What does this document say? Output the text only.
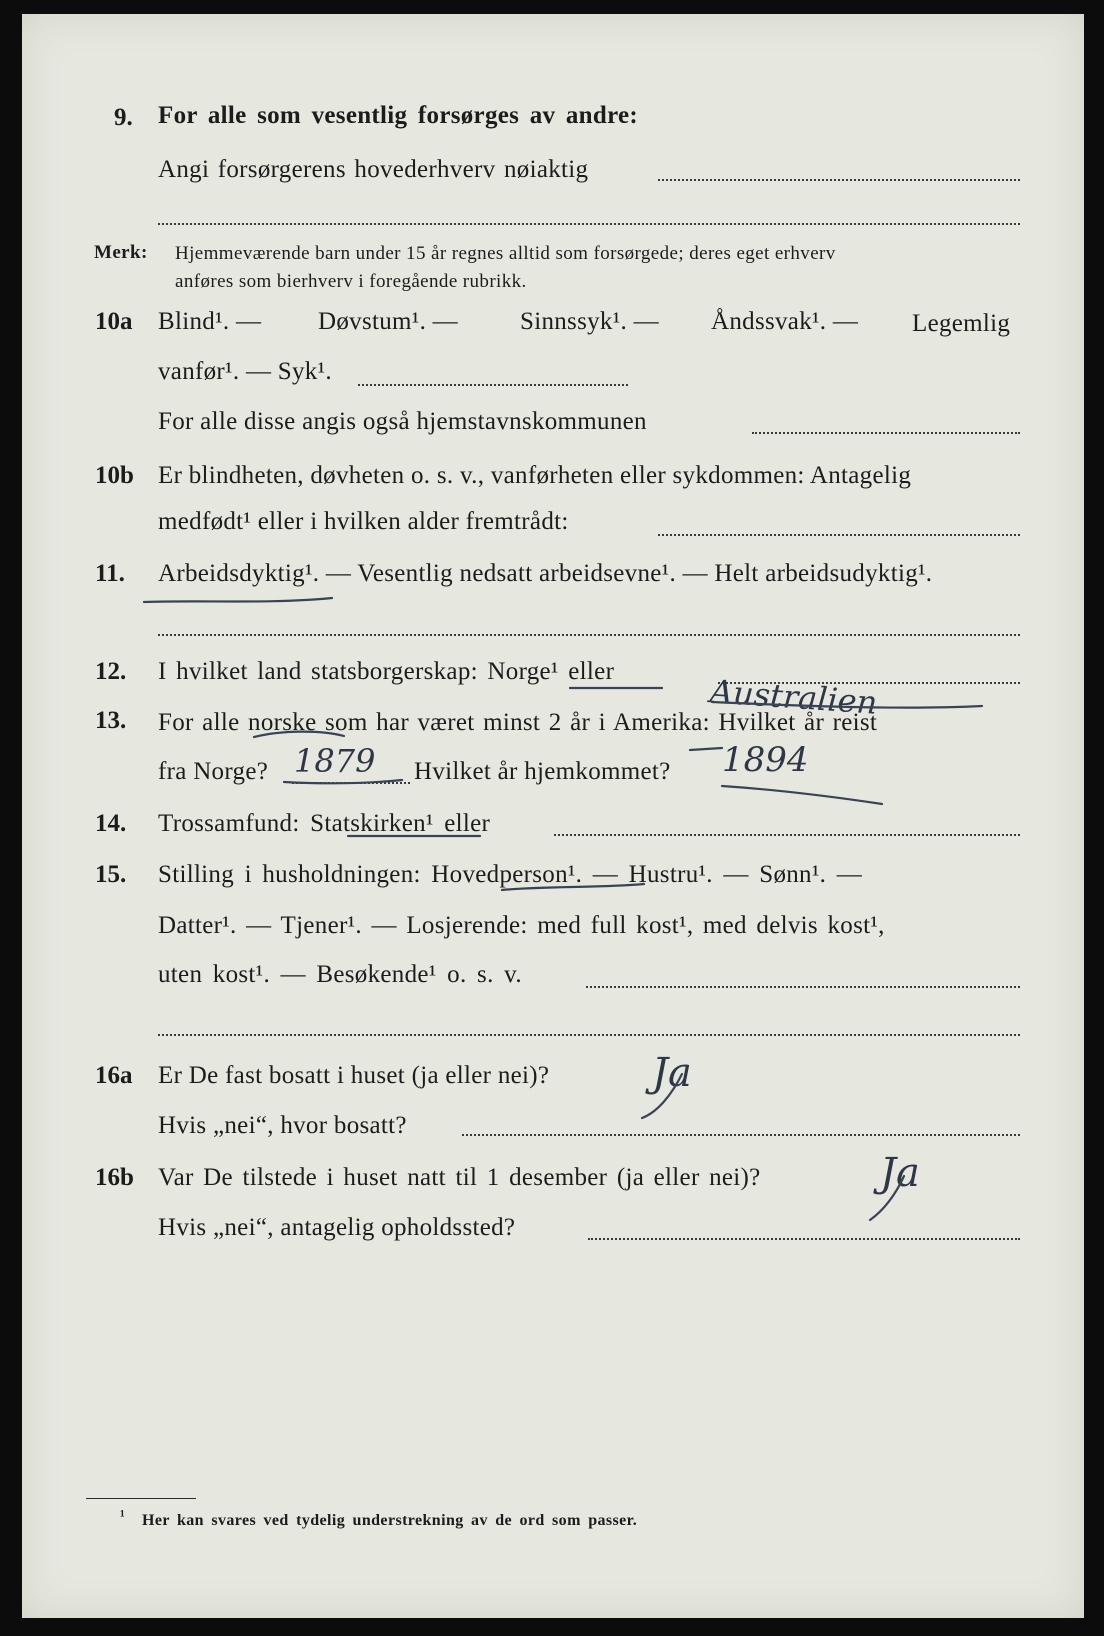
9. For alle som vesentlig forsørges av andre:
Angi forsørgerens hovederhverv nøiaktig
Merk: Hjemmeværende barn under 15 år regnes alltid som forsørgede; deres eget erhverv
anføres som bierhverv i foregående rubrikk.
10a Blind¹. — Døvstum¹. — Sinnssyk¹. — Åndssvak¹. — Legemlig
vanfør¹. — Syk¹.
For alle disse angis også hjemstavnskommunen
10b Er blindheten, døvheten o. s. v., vanførheten eller sykdommen: Antagelig
medfødt¹ eller i hvilken alder fremtrådt:
11. Arbeidsdyktig¹. — Vesentlig nedsatt arbeidsevne¹. — Helt arbeidsudyktig¹.
12. I hvilket land statsborgerskap: Norge¹ eller
Australien
13. For alle norske som har været minst 2 år i Amerika: Hvilket år reist
fra Norge? 1879 Hvilket år hjemkommet? 1894
14. Trossamfund: Statskirken¹ eller
15. Stilling i husholdningen: Hovedperson¹. — Hustru¹. — Sønn¹. —
Datter¹. — Tjener¹. — Losjerende: med full kost¹, med delvis kost¹,
uten kost¹. — Besøkende¹ o. s. v.
16a Er De fast bosatt i huset (ja eller nei)?	Ja
Hvis „nei“, hvor bosatt?
16b Var De tilstede i huset natt til 1 desember (ja eller nei)?	Ja
Hvis „nei“, antagelig opholdssted?
¹ Her kan svares ved tydelig understrekning av de ord som passer.
